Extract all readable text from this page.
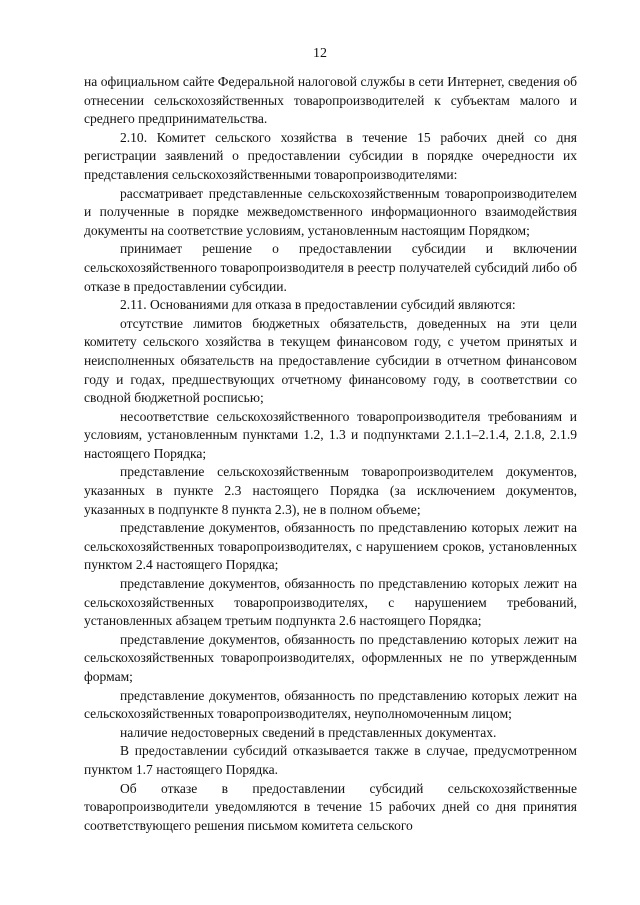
12

на официальном сайте Федеральной налоговой службы в сети Интернет, сведения об отнесении сельскохозяйственных товаропроизводителей к субъектам малого и среднего предпринимательства.

2.10. Комитет сельского хозяйства в течение 15 рабочих дней со дня регистрации заявлений о предоставлении субсидии в порядке очередности их представления сельскохозяйственными товаропроизводителями:

рассматривает представленные сельскохозяйственным товаропроизводителем и полученные в порядке межведомственного информационного взаимодействия документы на соответствие условиям, установленным настоящим Порядком;

принимает решение о предоставлении субсидии и включении сельскохозяйственного товаропроизводителя в реестр получателей субсидий либо об отказе в предоставлении субсидии.

2.11. Основаниями для отказа в предоставлении субсидий являются:

отсутствие лимитов бюджетных обязательств, доведенных на эти цели комитету сельского хозяйства в текущем финансовом году, с учетом принятых и неисполненных обязательств на предоставление субсидии в отчетном финансовом году и годах, предшествующих отчетному финансовому году, в соответствии со сводной бюджетной росписью;

несоответствие сельскохозяйственного товаропроизводителя требованиям и условиям, установленным пунктами 1.2, 1.3 и подпунктами 2.1.1–2.1.4, 2.1.8, 2.1.9 настоящего Порядка;

представление сельскохозяйственным товаропроизводителем документов, указанных в пункте 2.3 настоящего Порядка (за исключением документов, указанных в подпункте 8 пункта 2.3), не в полном объеме;

представление документов, обязанность по представлению которых лежит на сельскохозяйственных товаропроизводителях, с нарушением сроков, установленных пунктом 2.4 настоящего Порядка;

представление документов, обязанность по представлению которых лежит на сельскохозяйственных товаропроизводителях, с нарушением требований, установленных абзацем третьим подпункта 2.6 настоящего Порядка;

представление документов, обязанность по представлению которых лежит на сельскохозяйственных товаропроизводителях, оформленных не по утвержденным формам;

представление документов, обязанность по представлению которых лежит на сельскохозяйственных товаропроизводителях, неуполномоченным лицом;

наличие недостоверных сведений в представленных документах.

В предоставлении субсидий отказывается также в случае, предусмотренном пунктом 1.7 настоящего Порядка.

Об отказе в предоставлении субсидий сельскохозяйственные товаропроизводители уведомляются в течение 15 рабочих дней со дня принятия соответствующего решения письмом комитета сельского
